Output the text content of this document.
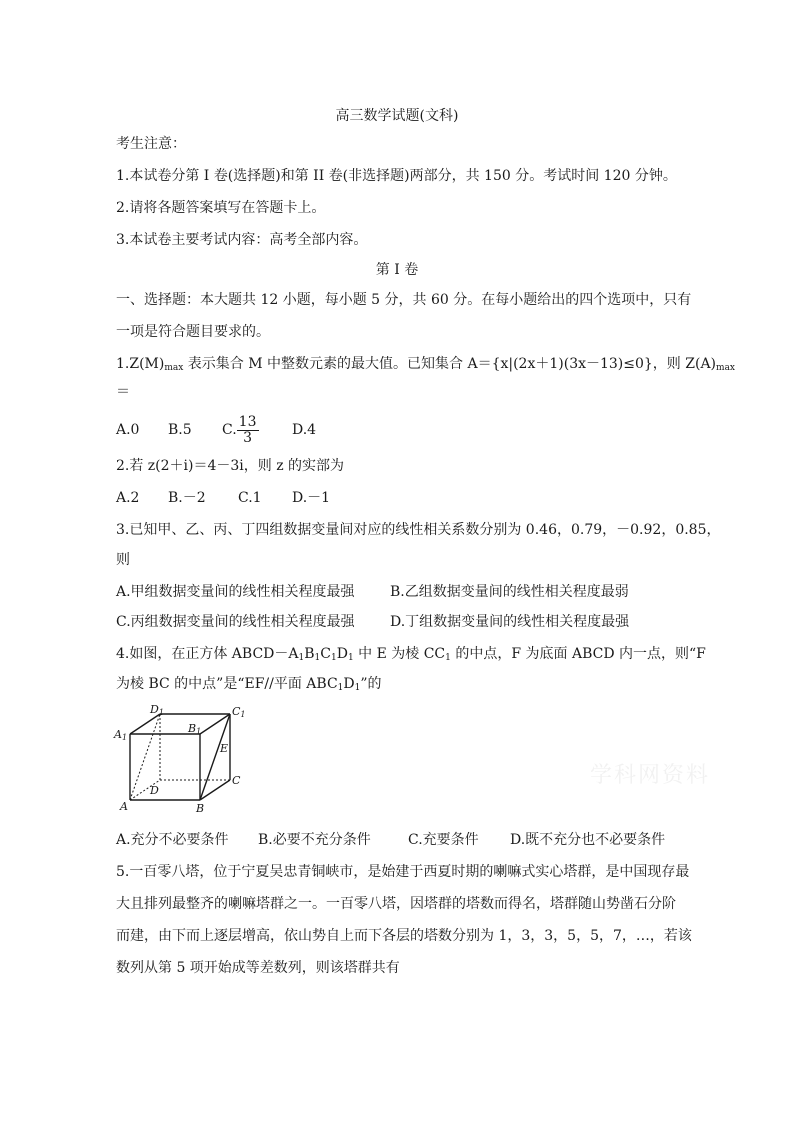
高三数学试题(文科)
考生注意：
1.本试卷分第 I 卷(选择题)和第 II 卷(非选择题)两部分，共 150 分。考试时间 120 分钟。
2.请将各题答案填写在答题卡上。
3.本试卷主要考试内容：高考全部内容。
第 I 卷
一、选择题：本大题共 12 小题，每小题 5 分，共 60 分。在每小题给出的四个选项中，只有
一项是符合题目要求的。
$1.Z(M)_{max}$ 表示集合 M 中整数元素的最大值。已知集合 A＝{x|(2x＋1)(3x－13)≤0}，则 $Z(A)_{max}$
＝
A.0 B.5 C. $\frac{13}{3} D.4$
2.若 z(2＋i)＝4－3i，则 z 的实部为
A.2 B.－2 C.1 D.－1
3.已知甲、乙、丙、丁四组数据变量间对应的线性相关系数分别为 0.46，0.79，－0.92，0.85，
则
A.甲组数据变量间的线性相关程度最强	B.乙组数据变量间的线性相关程度最弱
C.丙组数据变量间的线性相关程度最强	D.丁组数据变量间的线性相关程度最强
4.如图，在正方体 $ABCD-A_1B_1C_1D_1$ 中 E 为棱 $CC_1$ 的中点，F 为底面 ABCD 内一点，则“F
为棱 BC 的中点”是“EF//平面 $ABC_1D_1$”的
D1	C1
A1
B1
E
D
C
A	B
学科网资料
A.充分不必要条件 B.必要不充分条件	C.充要条件 D.既不充分也不必要条件
5.一百零八塔，位于宁夏吴忠青铜峡市，是始建于西夏时期的喇嘛式实心塔群，是中国现存最
大且排列最整齐的喇嘛塔群之一。一百零八塔，因塔群的塔数而得名，塔群随山势凿石分阶
而建，由下而上逐层增高，依山势自上而下各层的塔数分别为 1，3，3，5，5，7，…，若该
数列从第 5 项开始成等差数列，则该塔群共有
